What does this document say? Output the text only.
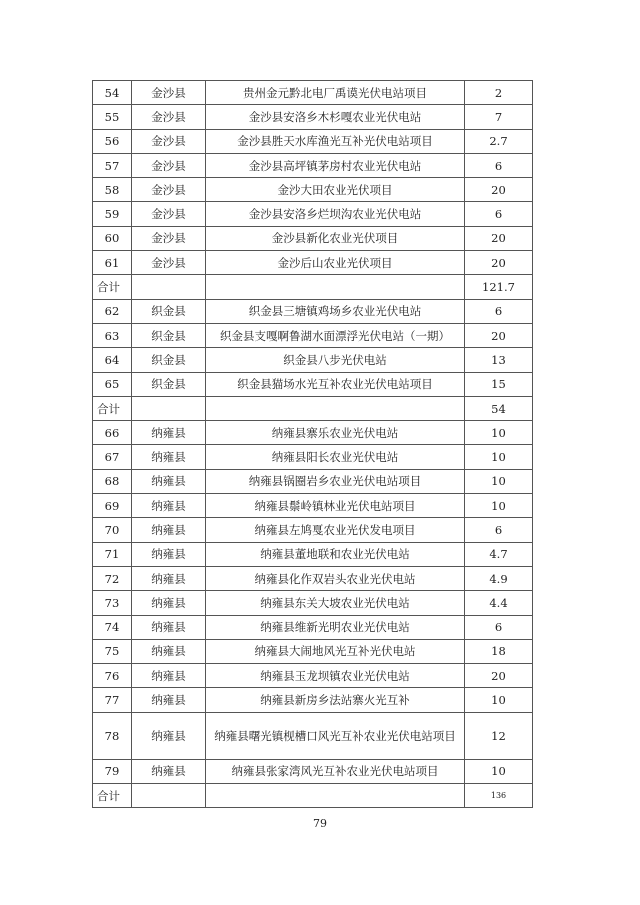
54	金沙县	贵州金元黔北电厂禹谟光伏电站项目	2
55	金沙县	金沙县安洛乡木杉嘎农业光伏电站	7
56	金沙县	金沙县胜天水库渔光互补光伏电站项目	2.7
57	金沙县	金沙县高坪镇茅房村农业光伏电站	6
58	金沙县	金沙大田农业光伏项目	20
59	金沙县	金沙县安洛乡烂坝沟农业光伏电站	6
60	金沙县	金沙县新化农业光伏项目	20
61	金沙县	金沙后山农业光伏项目	20
合计			121.7
62	织金县	织金县三塘镇鸡场乡农业光伏电站	6
63	织金县	织金县支嘎啊鲁湖水面漂浮光伏电站（一期）	20
64	织金县	织金县八步光伏电站	13
65	织金县	织金县猫场水光互补农业光伏电站项目	15
合计			54
66	纳雍县	纳雍县寨乐农业光伏电站	10
67	纳雍县	纳雍县阳长农业光伏电站	10
68	纳雍县	纳雍县锅圈岩乡农业光伏电站项目	10
69	纳雍县	纳雍县鬃岭镇林业光伏电站项目	10
70	纳雍县	纳雍县左鸠戛农业光伏发电项目	6
71	纳雍县	纳雍县董地联和农业光伏电站	4.7
72	纳雍县	纳雍县化作双岩头农业光伏电站	4.9
73	纳雍县	纳雍县东关大坡农业光伏电站	4.4
74	纳雍县	纳雍县维新光明农业光伏电站	6
75	纳雍县	纳雍县大闹地风光互补光伏电站	18
76	纳雍县	纳雍县玉龙坝镇农业光伏电站	20
77	纳雍县	纳雍县新房乡法站寨火光互补	10
78	纳雍县	纳雍县曙光镇枧槽口风光互补农业光伏电站项目	12
79	纳雍县	纳雍县张家湾风光互补农业光伏电站项目	10
合计			136
79
